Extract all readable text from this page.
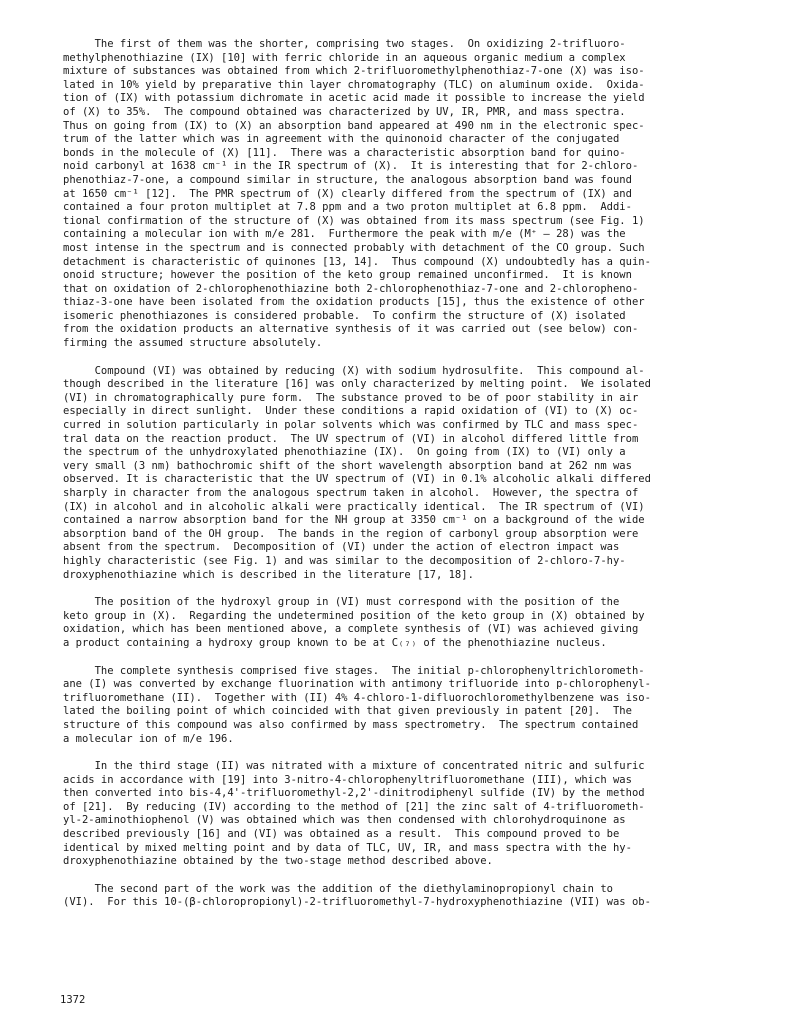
The first of them was the shorter, comprising two stages.  On oxidizing 2-trifluoro-
methylphenothiazine (IX) [10] with ferric chloride in an aqueous organic medium a complex
mixture of substances was obtained from which 2-trifluoromethylphenothiaz-7-one (X) was iso-
lated in 10% yield by preparative thin layer chromatography (TLC) on aluminum oxide.  Oxida-
tion of (IX) with potassium dichromate in acetic acid made it possible to increase the yield
of (X) to 35%.  The compound obtained was characterized by UV, IR, PMR, and mass spectra.
Thus on going from (IX) to (X) an absorption band appeared at 490 nm in the electronic spec-
trum of the latter which was in agreement with the quinonoid character of the conjugated
bonds in the molecule of (X) [11].  There was a characteristic absorption band for quino-
noid carbonyl at 1638 cm⁻¹ in the IR spectrum of (X).  It is interesting that for 2-chloro-
phenothiaz-7-one, a compound similar in structure, the analogous absorption band was found
at 1650 cm⁻¹ [12].  The PMR spectrum of (X) clearly differed from the spectrum of (IX) and
contained a four proton multiplet at 7.8 ppm and a two proton multiplet at 6.8 ppm.  Addi-
tional confirmation of the structure of (X) was obtained from its mass spectrum (see Fig. 1)
containing a molecular ion with m/e 281.  Furthermore the peak with m/e (M⁺ — 28) was the
most intense in the spectrum and is connected probably with detachment of the CO group. Such
detachment is characteristic of quinones [13, 14].  Thus compound (X) undoubtedly has a quin-
onoid structure; however the position of the keto group remained unconfirmed.  It is known
that on oxidation of 2-chlorophenothiazine both 2-chlorophenothiaz-7-one and 2-chloropheno-
thiaz-3-one have been isolated from the oxidation products [15], thus the existence of other
isomeric phenothiazones is considered probable.  To confirm the structure of (X) isolated
from the oxidation products an alternative synthesis of it was carried out (see below) con-
firming the assumed structure absolutely.
Compound (VI) was obtained by reducing (X) with sodium hydrosulfite.  This compound al-
though described in the literature [16] was only characterized by melting point.  We isolated
(VI) in chromatographically pure form.  The substance proved to be of poor stability in air
especially in direct sunlight.  Under these conditions a rapid oxidation of (VI) to (X) oc-
curred in solution particularly in polar solvents which was confirmed by TLC and mass spec-
tral data on the reaction product.  The UV spectrum of (VI) in alcohol differed little from
the spectrum of the unhydroxylated phenothiazine (IX).  On going from (IX) to (VI) only a
very small (3 nm) bathochromic shift of the short wavelength absorption band at 262 nm was
observed. It is characteristic that the UV spectrum of (VI) in 0.1% alcoholic alkali differed
sharply in character from the analogous spectrum taken in alcohol.  However, the spectra of
(IX) in alcohol and in alcoholic alkali were practically identical.  The IR spectrum of (VI)
contained a narrow absorption band for the NH group at 3350 cm⁻¹ on a background of the wide
absorption band of the OH group.  The bands in the region of carbonyl group absorption were
absent from the spectrum.  Decomposition of (VI) under the action of electron impact was
highly characteristic (see Fig. 1) and was similar to the decomposition of 2-chloro-7-hy-
droxyphenothiazine which is described in the literature [17, 18].
The position of the hydroxyl group in (VI) must correspond with the position of the
keto group in (X).  Regarding the undetermined position of the keto group in (X) obtained by
oxidation, which has been mentioned above, a complete synthesis of (VI) was achieved giving
a product containing a hydroxy group known to be at C₍₇₎ of the phenothiazine nucleus.
The complete synthesis comprised five stages.  The initial p-chlorophenyltrichlorometh-
ane (I) was converted by exchange fluorination with antimony trifluoride into p-chlorophenyl-
trifluoromethane (II).  Together with (II) 4% 4-chloro-1-difluorochloromethylbenzene was iso-
lated the boiling point of which coincided with that given previously in patent [20].  The
structure of this compound was also confirmed by mass spectrometry.  The spectrum contained
a molecular ion of m/e 196.
In the third stage (II) was nitrated with a mixture of concentrated nitric and sulfuric
acids in accordance with [19] into 3-nitro-4-chlorophenyltrifluoromethane (III), which was
then converted into bis-4,4'-trifluoromethyl-2,2'-dinitrodiphenyl sulfide (IV) by the method
of [21].  By reducing (IV) according to the method of [21] the zinc salt of 4-trifluorometh-
yl-2-aminothiophenol (V) was obtained which was then condensed with chlorohydroquinone as
described previously [16] and (VI) was obtained as a result.  This compound proved to be
identical by mixed melting point and by data of TLC, UV, IR, and mass spectra with the hy-
droxyphenothiazine obtained by the two-stage method described above.
The second part of the work was the addition of the diethylaminopropionyl chain to
(VI).  For this 10-(β-chloropropionyl)-2-trifluoromethyl-7-hydroxyphenothiazine (VII) was ob-
1372
